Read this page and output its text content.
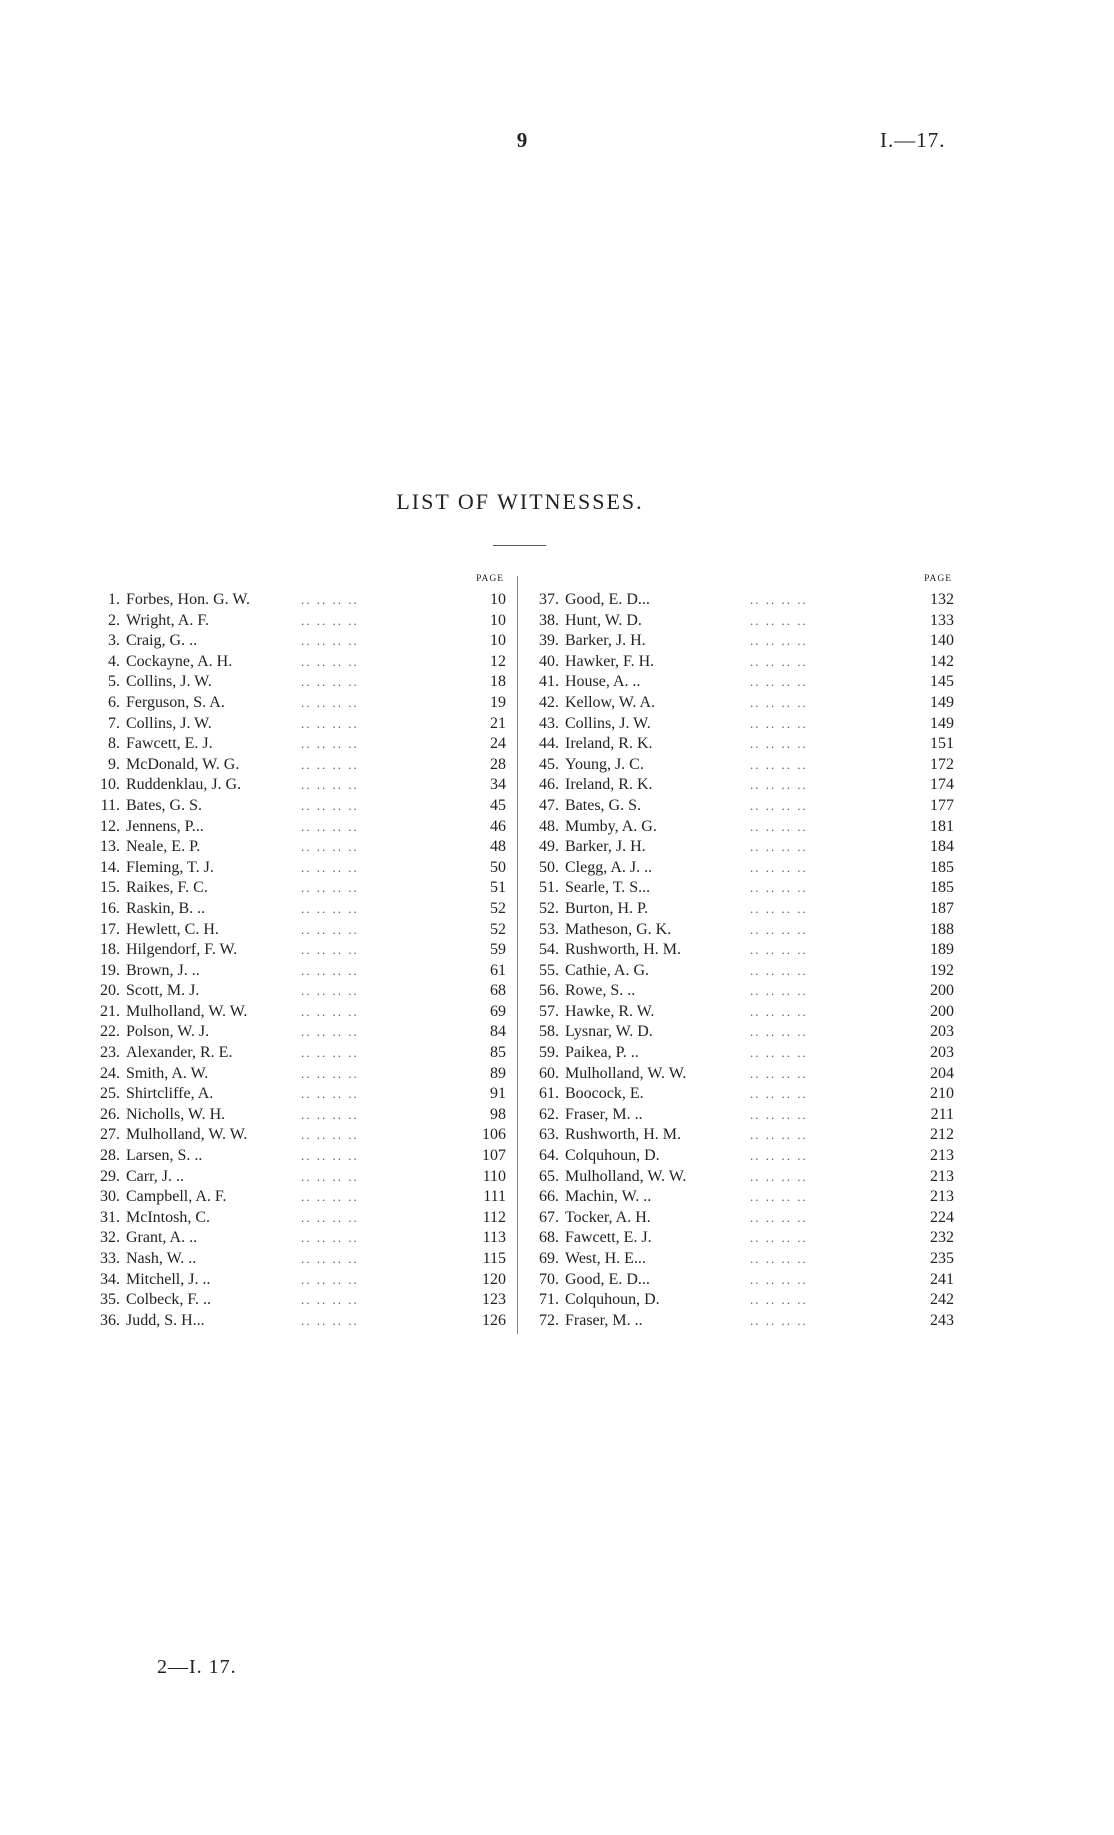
9	I.—17.
LIST OF WITNESSES.
PAGE
1. Forbes, Hon. G. W.	.. .. .. ..	10
2. Wright, A. F.	.. .. .. ..	10
3. Craig, G. ..	.. .. .. ..	10
4. Cockayne, A. H.	.. .. .. ..	12
5. Collins, J. W.	.. .. .. ..	18
6. Ferguson, S. A.	.. .. .. ..	19
7. Collins, J. W.	.. .. .. ..	21
8. Fawcett, E. J.	.. .. .. ..	24
9. McDonald, W. G.	.. .. .. ..	28
10. Ruddenklau, J. G.	.. .. .. ..	34
11. Bates, G. S.	.. .. .. ..	45
12. Jennens, P...	.. .. .. ..	46
13. Neale, E. P.	.. .. .. ..	48
14. Fleming, T. J.	.. .. .. ..	50
15. Raikes, F. C.	.. .. .. ..	51
16. Raskin, B. ..	.. .. .. ..	52
17. Hewlett, C. H.	.. .. .. ..	52
18. Hilgendorf, F. W.	.. .. .. ..	59
19. Brown, J. ..	.. .. .. ..	61
20. Scott, M. J.	.. .. .. ..	68
21. Mulholland, W. W.	.. .. .. ..	69
22. Polson, W. J.	.. .. .. ..	84
23. Alexander, R. E.	.. .. .. ..	85
24. Smith, A. W.	.. .. .. ..	89
25. Shirtcliffe, A.	.. .. .. ..	91
26. Nicholls, W. H.	.. .. .. ..	98
27. Mulholland, W. W.	.. .. .. ..	106
28. Larsen, S. ..	.. .. .. ..	107
29. Carr, J. ..	.. .. .. ..	110
30. Campbell, A. F.	.. .. .. ..	111
31. McIntosh, C.	.. .. .. ..	112
32. Grant, A. ..	.. .. .. ..	113
33. Nash, W. ..	.. .. .. ..	115
34. Mitchell, J. ..	.. .. .. ..	120
35. Colbeck, F. ..	.. .. .. ..	123
36. Judd, S. H...	.. .. .. ..	126
PAGE
37. Good, E. D...	.. .. .. ..	132
38. Hunt, W. D.	.. .. .. ..	133
39. Barker, J. H.	.. .. .. ..	140
40. Hawker, F. H.	.. .. .. ..	142
41. House, A. ..	.. .. .. ..	145
42. Kellow, W. A.	.. .. .. ..	149
43. Collins, J. W.	.. .. .. ..	149
44. Ireland, R. K.	.. .. .. ..	151
45. Young, J. C.	.. .. .. ..	172
46. Ireland, R. K.	.. .. .. ..	174
47. Bates, G. S.	.. .. .. ..	177
48. Mumby, A. G.	.. .. .. ..	181
49. Barker, J. H.	.. .. .. ..	184
50. Clegg, A. J. ..	.. .. .. ..	185
51. Searle, T. S...	.. .. .. ..	185
52. Burton, H. P.	.. .. .. ..	187
53. Matheson, G. K.	.. .. .. ..	188
54. Rushworth, H. M.	.. .. .. ..	189
55. Cathie, A. G.	.. .. .. ..	192
56. Rowe, S. ..	.. .. .. ..	200
57. Hawke, R. W.	.. .. .. ..	200
58. Lysnar, W. D.	.. .. .. ..	203
59. Paikea, P. ..	.. .. .. ..	203
60. Mulholland, W. W.	.. .. .. ..	204
61. Boocock, E.	.. .. .. ..	210
62. Fraser, M. ..	.. .. .. ..	211
63. Rushworth, H. M.	.. .. .. ..	212
64. Colquhoun, D.	.. .. .. ..	213
65. Mulholland, W. W.	.. .. .. ..	213
66. Machin, W. ..	.. .. .. ..	213
67. Tocker, A. H.	.. .. .. ..	224
68. Fawcett, E. J.	.. .. .. ..	232
69. West, H. E...	.. .. .. ..	235
70. Good, E. D...	.. .. .. ..	241
71. Colquhoun, D.	.. .. .. ..	242
72. Fraser, M. ..	.. .. .. ..	243
2—I. 17.
